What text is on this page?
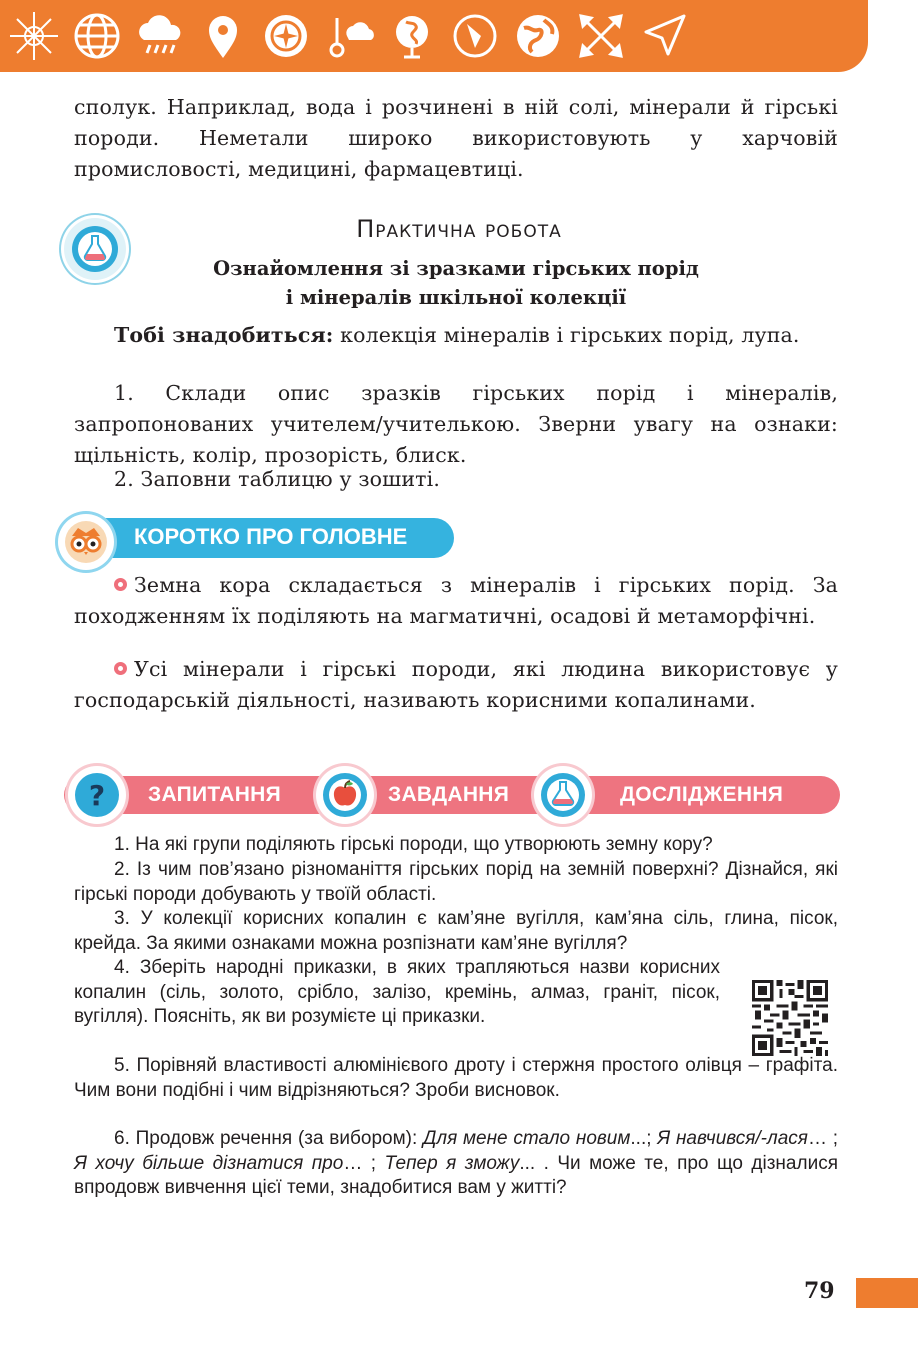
сполук. Наприклад, вода і розчинені в ній солі, мінерали й гірські породи. Неметали широко використовують у харчовій промисловості, медицині, фармацевтиці.

Практична робота
Ознайомлення зі зразками гірських порід
і мінералів шкільної колекції

Тобі знадобиться: колекція мінералів і гірських порід, лупа.

1. Склади опис зразків гірських порід і мінералів, запропонованих учителем/учителькою. Зверни увагу на ознаки: щільність, колір, прозорість, блиск.

2. Заповни таблицю у зошиті.

КОРОТКО ПРО ГОЛОВНЕ

Земна кора складається з мінералів і гірських порід. За походженням їх поділяють на магматичні, осадові й метаморфічні.

Усі мінерали і гірські породи, які людина використовує у господарській діяльності, називають корисними копалинами.

? ЗАПИТАННЯ	ЗАВДАННЯ	ДОСЛІДЖЕННЯ

1. На які групи поділяють гірські породи, що утворюють земну кору?

2. Із чим пов’язано різноманіття гірських порід на земній поверхні? Дізнайся, які гірські породи добувають у твоїй області.

3. У колекції корисних копалин є кам’яне вугілля, кам’яна сіль, глина, пісок, крейда. За якими ознаками можна розпізнати кам’яне вугілля?

4. Зберіть народні приказки, в яких трапляються назви корисних копалин (сіль, золото, срібло, залізо, кремінь, алмаз, граніт, пісок, вугілля). Поясніть, як ви розумієте ці приказки.

5. Порівняй властивості алюмінієвого дроту і стержня простого олівця – графіта. Чим вони подібні і чим відрізняються? Зроби висновок.

6. Продовж речення (за вибором): Для мене стало новим...; Я навчився/-лася… ; Я хочу більше дізнатися про… ; Тепер я зможу... . Чи може те, про що дізналися впродовж вивчення цієї теми, знадобитися вам у житті?

79
